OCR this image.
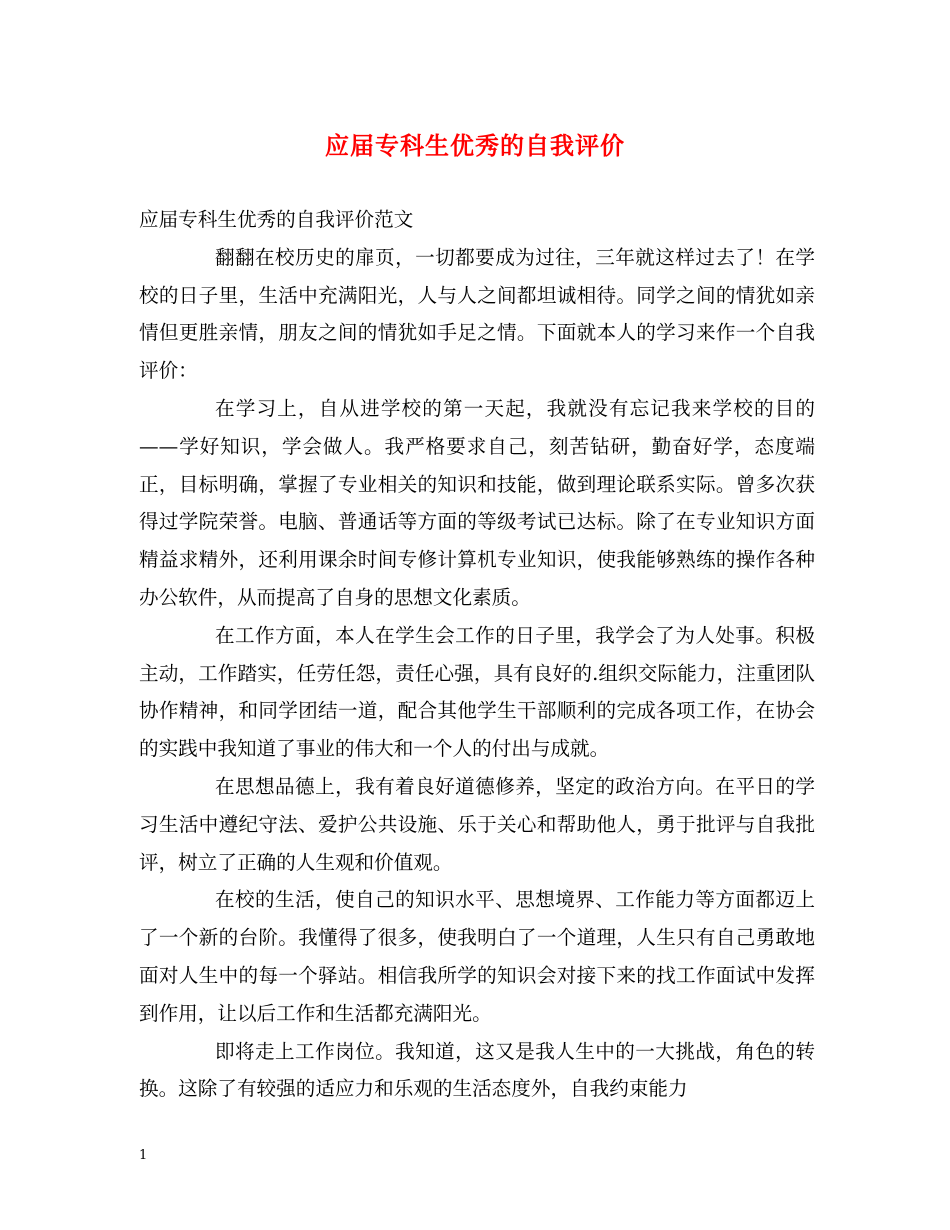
应届专科生优秀的自我评价

应届专科生优秀的自我评价范文

翻翻在校历史的扉页，一切都要成为过往，三年就这样过去了！在学校的日子里，生活中充满阳光，人与人之间都坦诚相待。同学之间的情犹如亲情但更胜亲情，朋友之间的情犹如手足之情。下面就本人的学习来作一个自我评价：

在学习上，自从进学校的第一天起，我就没有忘记我来学校的目的——学好知识，学会做人。我严格要求自己，刻苦钻研，勤奋好学，态度端正，目标明确，掌握了专业相关的知识和技能，做到理论联系实际。曾多次获得过学院荣誉。电脑、普通话等方面的等级考试已达标。除了在专业知识方面精益求精外，还利用课余时间专修计算机专业知识，使我能够熟练的操作各种办公软件，从而提高了自身的思想文化素质。

在工作方面，本人在学生会工作的日子里，我学会了为人处事。积极主动，工作踏实，任劳任怨，责任心强，具有良好的.组织交际能力，注重团队协作精神，和同学团结一道，配合其他学生干部顺利的完成各项工作，在协会的实践中我知道了事业的伟大和一个人的付出与成就。

在思想品德上，我有着良好道德修养，坚定的政治方向。在平日的学习生活中遵纪守法、爱护公共设施、乐于关心和帮助他人，勇于批评与自我批评，树立了正确的人生观和价值观。

在校的生活，使自己的知识水平、思想境界、工作能力等方面都迈上了一个新的台阶。我懂得了很多，使我明白了一个道理，人生只有自己勇敢地面对人生中的每一个驿站。相信我所学的知识会对接下来的找工作面试中发挥到作用，让以后工作和生活都充满阳光。

即将走上工作岗位。我知道，这又是我人生中的一大挑战，角色的转换。这除了有较强的适应力和乐观的生活态度外，自我约束能力

1
